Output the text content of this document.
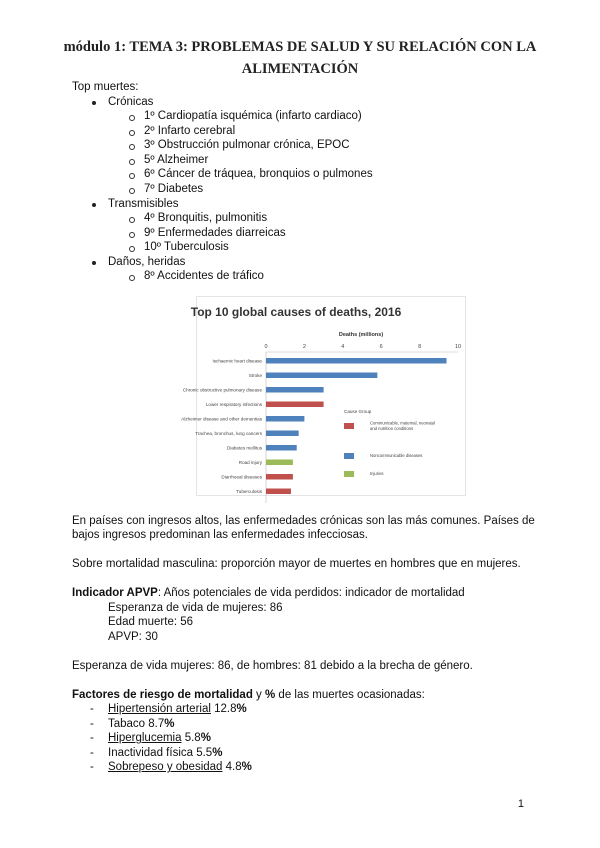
módulo 1: TEMA 3: PROBLEMAS DE SALUD Y SU RELACIÓN CON LA
ALIMENTACIÓN
Top muertes:
Crónicas
1º Cardiopatía isquémica (infarto cardiaco)
2º Infarto cerebral
3º Obstrucción pulmonar crónica, EPOC
5º Alzheimer
6º Cáncer de tráquea, bronquios o pulmones
7º Diabetes
Transmisibles
4º Bronquitis, pulmonitis
9º Enfermedades diarreicas
10º Tuberculosis
Daños, heridas
8º Accidentes de tráfico
Top 10 global causes of deaths, 2016
Deaths (millions)
0	2	4	6	8	10
Ischaemic heart disease
Stroke
Chronic obstructive pulmonary disease
Lower respiratory infections
Alzheimer disease and other dementias
Trachea, bronchus, lung cancers
Diabetes mellitus
Road injury
Diarrhoeal diseases
Tuberculosis
Cause Group
Communicable, maternal, neonatal
and nutrition conditions
Noncommunicable diseases
Injuries
En países con ingresos altos, las enfermedades crónicas son las más comunes. Países de
bajos ingresos predominan las enfermedades infecciosas.
Sobre mortalidad masculina: proporción mayor de muertes en hombres que en mujeres.
Indicador APVP: Años potenciales de vida perdidos: indicador de mortalidad
Esperanza de vida de mujeres: 86
Edad muerte: 56
APVP: 30
Esperanza de vida mujeres: 86, de hombres: 81 debido a la brecha de género.
Factores de riesgo de mortalidad y % de las muertes ocasionadas:
- Hipertensión arterial 12.8%
- Tabaco 8.7%
- Hiperglucemia 5.8%
- Inactividad física 5.5%
- Sobrepeso y obesidad 4.8%
1
